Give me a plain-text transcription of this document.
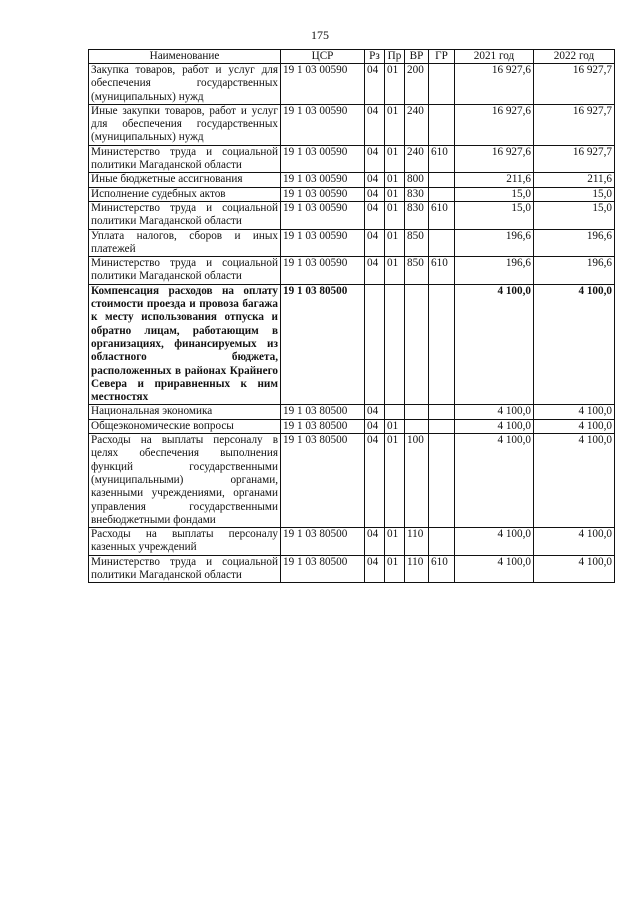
175
Наименование	ЦСР	Рз	Пр	ВР	ГР	2021 год	2022 год
Закупка товаров, работ и услуг для обеспечения государственных (муниципальных) нужд	19 1 03 00590	04	01	200		16 927,6	16 927,7
Иные закупки товаров, работ и услуг для обеспечения государственных (муниципальных) нужд	19 1 03 00590	04	01	240		16 927,6	16 927,7
Министерство труда и социальной политики Магаданской области	19 1 03 00590	04	01	240	610	16 927,6	16 927,7
Иные бюджетные ассигнования	19 1 03 00590	04	01	800		211,6	211,6
Исполнение судебных актов	19 1 03 00590	04	01	830		15,0	15,0
Министерство труда и социальной политики Магаданской области	19 1 03 00590	04	01	830	610	15,0	15,0
Уплата налогов, сборов и иных платежей	19 1 03 00590	04	01	850		196,6	196,6
Министерство труда и социальной политики Магаданской области	19 1 03 00590	04	01	850	610	196,6	196,6
Компенсация расходов на оплату стоимости проезда и провоза багажа к месту использования отпуска и обратно лицам, работающим в организациях, финансируемых из областного бюджета, расположенных в районах Крайнего Севера и приравненных к ним местностях	19 1 03 80500					4 100,0	4 100,0
Национальная экономика	19 1 03 80500	04				4 100,0	4 100,0
Общеэкономические вопросы	19 1 03 80500	04	01			4 100,0	4 100,0
Расходы на выплаты персоналу в целях обеспечения выполнения функций государственными (муниципальными) органами, казенными учреждениями, органами управления государственными внебюджетными фондами	19 1 03 80500	04	01	100		4 100,0	4 100,0
Расходы на выплаты персоналу казенных учреждений	19 1 03 80500	04	01	110		4 100,0	4 100,0
Министерство труда и социальной политики Магаданской области	19 1 03 80500	04	01	110	610	4 100,0	4 100,0
